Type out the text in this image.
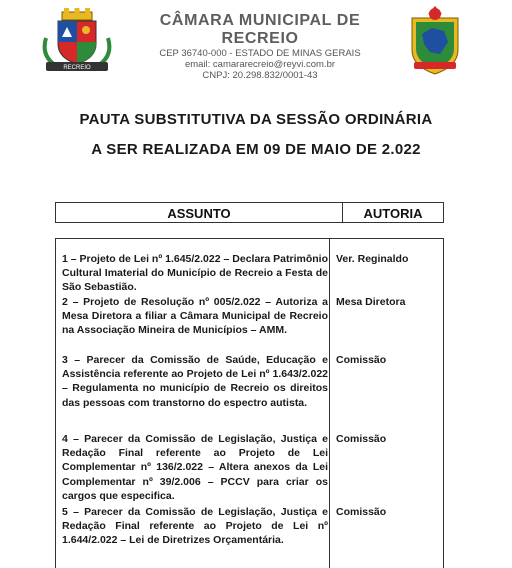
RECREIO
CÂMARA MUNICIPAL DE RECREIO
CEP 36740-000 - ESTADO DE MINAS GERAIS
email: camararecreio@reyvi.com.br
CNPJ: 20.298.832/0001-43
PAUTA SUBSTITUTIVA DA SESSÃO ORDINÁRIA
A SER REALIZADA EM 09 DE MAIO DE 2.022
ASSUNTO	AUTORIA
1 – Projeto de Lei nº 1.645/2.022 – Declara Patrimônio Cultural Imaterial do Município de Recreio a Festa de São Sebastião.
Ver. Reginaldo
2 – Projeto de Resolução nº 005/2.022 – Autoriza a Mesa Diretora a filiar a Câmara Municipal de Recreio na Associação Mineira de Municípios – AMM.
Mesa Diretora
3 – Parecer da Comissão de Saúde, Educação e Assistência referente ao Projeto de Lei nº 1.643/2.022 – Regulamenta no município de Recreio os direitos das pessoas com transtorno do espectro autista.
Comissão
4 – Parecer da Comissão de Legislação, Justiça e Redação Final referente ao Projeto de Lei Complementar nº 136/2.022 – Altera anexos da Lei Complementar nº 39/2.006 – PCCV para criar os cargos que especifica.
Comissão
5 – Parecer da Comissão de Legislação, Justiça e Redação Final referente ao Projeto de Lei nº 1.644/2.022 – Lei de Diretrizes Orçamentária.
Comissão
